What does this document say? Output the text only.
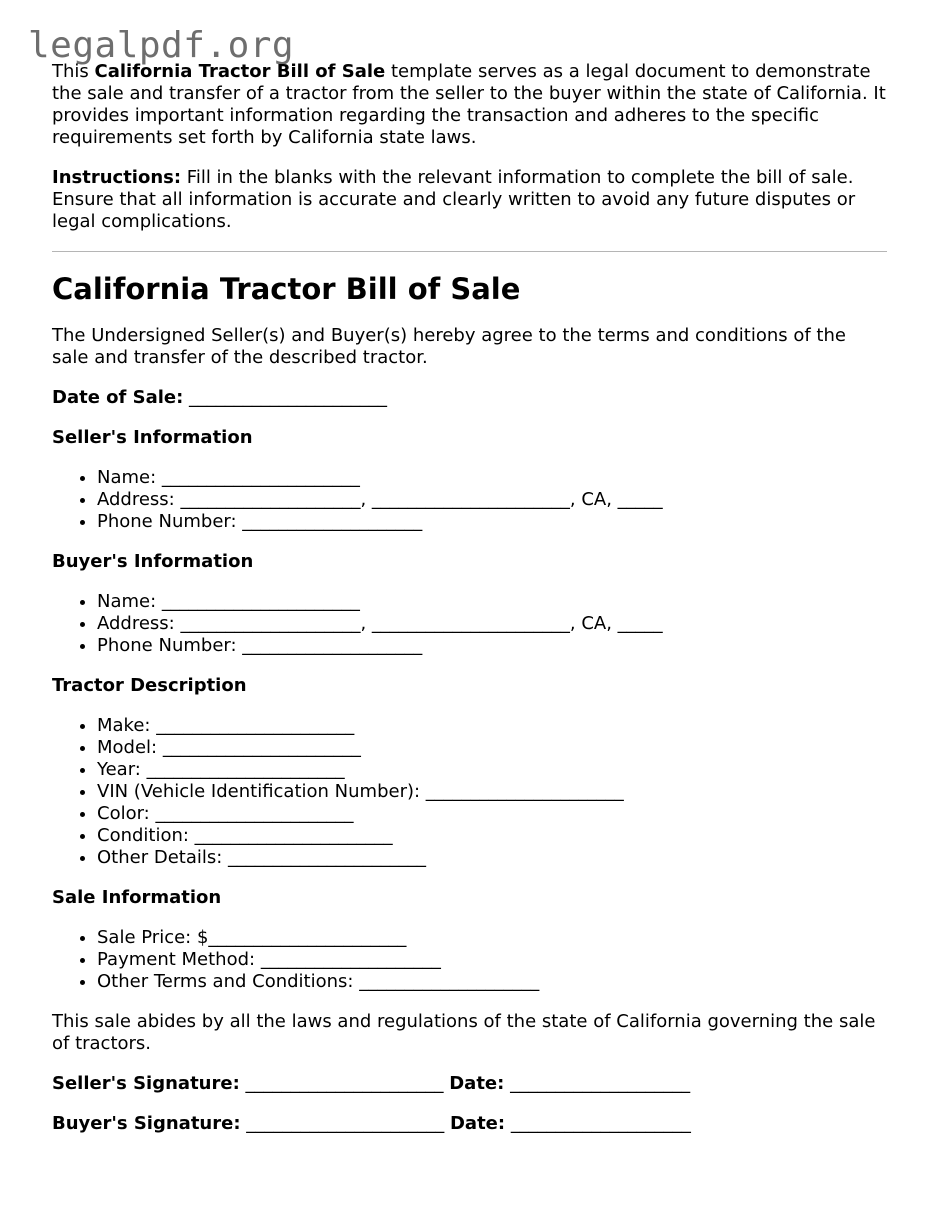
legalpdf.org

This California Tractor Bill of Sale template serves as a legal document to demonstrate the sale and transfer of a tractor from the seller to the buyer within the state of California. It provides important information regarding the transaction and adheres to the specific requirements set forth by California state laws.

Instructions: Fill in the blanks with the relevant information to complete the bill of sale. Ensure that all information is accurate and clearly written to avoid any future disputes or legal complications.

California Tractor Bill of Sale

The Undersigned Seller(s) and Buyer(s) hereby agree to the terms and conditions of the sale and transfer of the described tractor.

Date of Sale: ______________________

Seller's Information
• Name: ______________________
• Address: ____________________, ______________________, CA, _____
• Phone Number: ____________________
Buyer's Information
• Name: ______________________
• Address: ____________________, ______________________, CA, _____
• Phone Number: ____________________
Tractor Description
• Make: ______________________
• Model: ______________________
• Year: ______________________
• VIN (Vehicle Identification Number): ______________________
• Color: ______________________
• Condition: ______________________
• Other Details: ______________________
Sale Information
• Sale Price: $______________________
• Payment Method: ____________________
• Other Terms and Conditions: ____________________

This sale abides by all the laws and regulations of the state of California governing the sale of tractors.

Seller's Signature: ______________________ Date: ____________________

Buyer's Signature: ______________________ Date: ____________________
